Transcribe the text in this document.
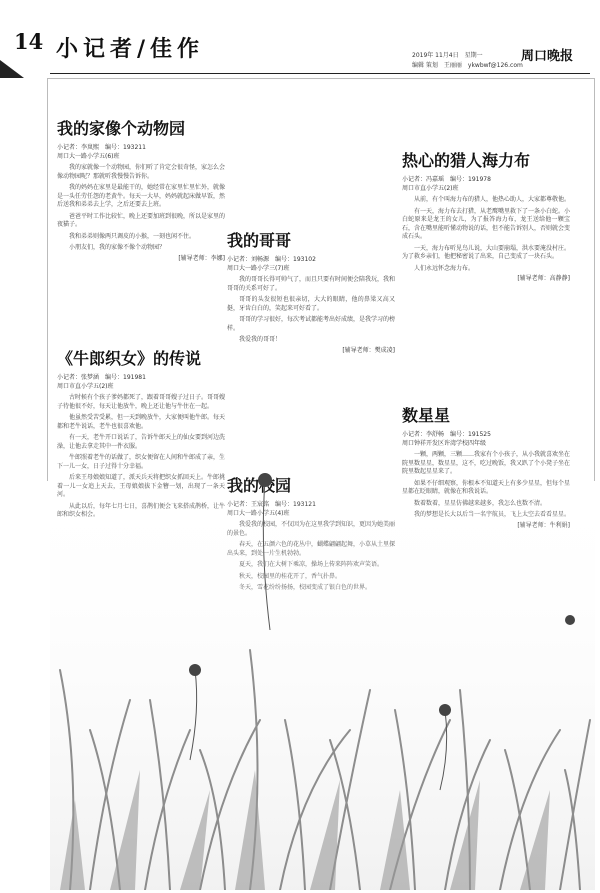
14 小记者/佳作	2019年 11月4日　星期一	周口晚报
编辑 策划　王丽丽　ykwbwf@126.com
我的家像个动物园
小记者：李岚熙　编号：193211
周口大一路小学五(6)班

我的家就像一个动物园，你们听了肯定会很奇怪，家怎么会像动物园呢？那就听我慢慢告诉你。

我的妈妈在家里是最能干的，她经常在家里忙里忙外，就像是一头任劳任怨的老黄牛。每天一大早，妈妈就起床做早饭，然后送我和弟弟去上学，之后还要去上班。

爸爸平时工作比较忙，晚上还要加班到很晚，所以是家里的夜猫子。

我和弟弟则像两只调皮的小猴，一刻也闲不住。

小朋友们，我的家像不像个动物园？

[辅导老师：李娜]
《牛郎织女》的传说
小记者：张梦涵　编号：191981
周口市直小学五(2)班

古时候有个孩子爹妈都死了，跟着哥哥嫂子过日子。哥哥嫂子待他很不好，每天让他放牛，晚上还让他与牛住在一起。

他虽然受苦受累，但一天到晚放牛，大家便叫他牛郎。每天都和老牛说话，老牛也很喜欢他。

有一天，老牛开口说话了，告诉牛郎天上的仙女要到河边洗澡，让他去拿走其中一件衣服。

牛郎照着老牛的话做了，织女便留在人间和牛郎成了亲，生下一儿一女，日子过得十分幸福。

我的哥哥
小记者：刘畅源　编号：193102
周口大一路小学三(7)班

我的哥哥长得可帅气了，而且只要有时间便会陪我玩，我和哥哥的关系可好了。

哥哥的头发很短也很亲切，大大的眼睛，他的鼻梁又高又挺，牙齿白白的，笑起来可好看了。

哥哥的学习很好，每次考试都能考出好成绩，是我学习的榜样。

我爱我的哥哥！

[辅导老师：樊成凌]

热心的猎人海力布
小记者：冯嘉瑶　编号：191978
周口市直小学五(2)班

从前，有个叫海力布的猎人，他热心助人，大家都尊敬他。

有一天，海力布去打猎，从老鹰嘴里救下了一条小白蛇。小白蛇原来是龙王的女儿，为了报答海力布，龙王送给他一颗宝石，含在嘴里能听懂动物说的话，但不能告诉别人，否则就会变成石头。

一天，海力布听见鸟儿说，大山要崩塌，洪水要淹没村庄。为了救乡亲们，他把秘密说了出来，自己变成了一块石头。

人们永远怀念海力布。

[辅导老师：高静静]
数星星
小记者：李舒畅　编号：191525
周口钟祥开发区许湾学校四年级

一颗，两颗，三颗……我家有个小孩子，从小我就喜欢坐在院里数星星，数星星，这不，吃过晚饭，我又趴了个小凳子坐在
